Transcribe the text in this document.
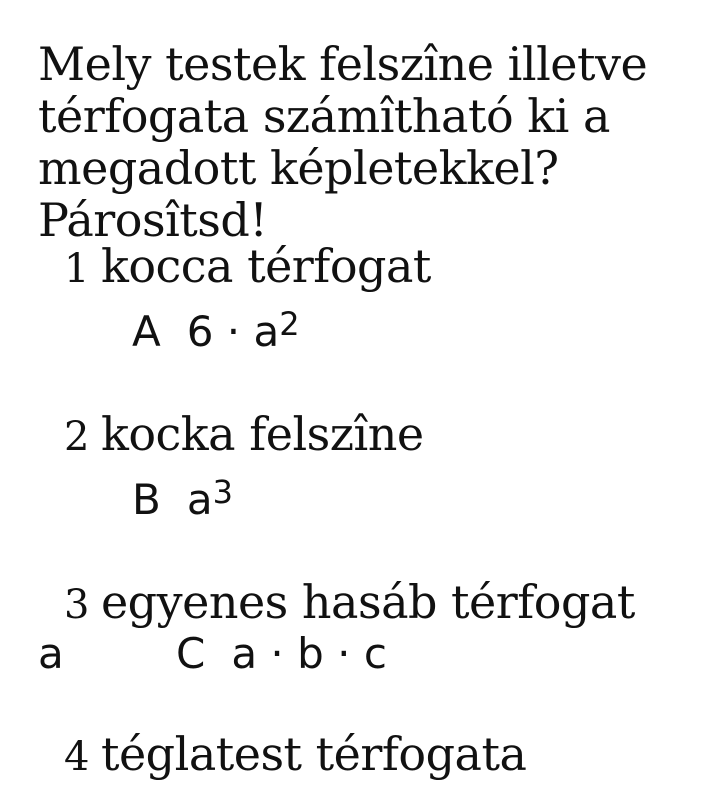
Mely testek felszîne illetve
térfogata számîtható ki a
megadott képletekkel?
Párosîtsd!
1 kocca térfogat
A $6 \cdot a^2$
2 kocka felszîne
B $a^3$
3 egyenes hasáb térfogat
a	C a · b · c
4 téglatest térfogata
